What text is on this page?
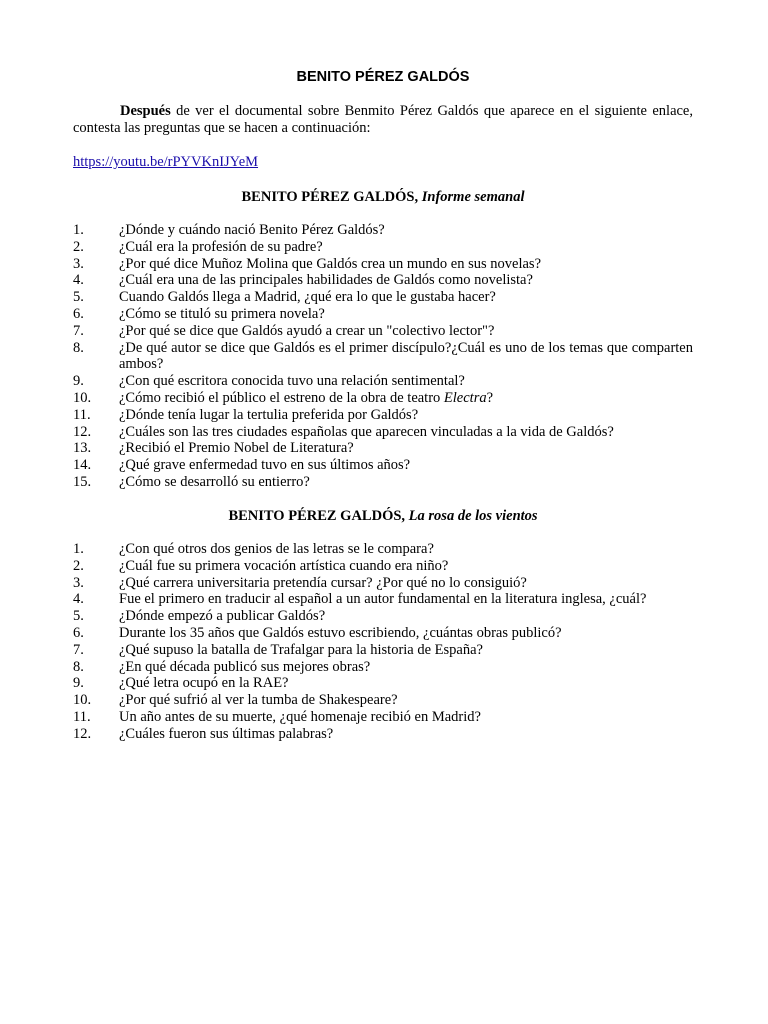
BENITO PÉREZ GALDÓS

Después de ver el documental sobre Benmito Pérez Galdós que aparece en el siguiente enlace, contesta las preguntas que se hacen a continuación:

https://youtu.be/rPYVKnIJYeM
BENITO PÉREZ GALDÓS, Informe semanal
1.	¿Dónde y cuándo nació Benito Pérez Galdós?
2.	¿Cuál era la profesión de su padre?
3.	¿Por qué dice Muñoz Molina que Galdós crea un mundo en sus novelas?
4.	¿Cuál era una de las principales habilidades de Galdós como novelista?
5.	Cuando Galdós llega a Madrid, ¿qué era lo que le gustaba hacer?
6.	¿Cómo se tituló su primera novela?
7.	¿Por qué se dice que Galdós ayudó a crear un "colectivo lector"?
8.	¿De qué autor se dice que Galdós es el primer discípulo?¿Cuál es uno de los temas que comparten ambos?
9.	¿Con qué escritora conocida tuvo una relación sentimental?
10.	¿Cómo recibió el público el estreno de la obra de teatro Electra?
11.	¿Dónde tenía lugar la tertulia preferida por Galdós?
12.	¿Cuáles son las tres ciudades españolas que aparecen vinculadas a la vida de Galdós?
13.	¿Recibió el Premio Nobel de Literatura?
14.	¿Qué grave enfermedad tuvo en sus últimos años?
15.	¿Cómo se desarrolló su entierro?
BENITO PÉREZ GALDÓS, La rosa de los vientos
1.	¿Con qué otros dos genios de las letras se le compara?
2.	¿Cuál fue su primera vocación artística cuando era niño?
3.	¿Qué carrera universitaria pretendía cursar? ¿Por qué no lo consiguió?
4.	Fue el primero en traducir al español a un autor fundamental en la literatura inglesa, ¿cuál?
5.	¿Dónde empezó a publicar Galdós?
6.	Durante los 35 años que Galdós estuvo escribiendo, ¿cuántas obras publicó?
7.	¿Qué supuso la batalla de Trafalgar para la historia de España?
8.	¿En qué década publicó sus mejores obras?
9.	¿Qué letra ocupó en la RAE?
10.	¿Por qué sufrió al ver la tumba de Shakespeare?
11.	Un año antes de su muerte, ¿qué homenaje recibió en Madrid?
12.	¿Cuáles fueron sus últimas palabras?
